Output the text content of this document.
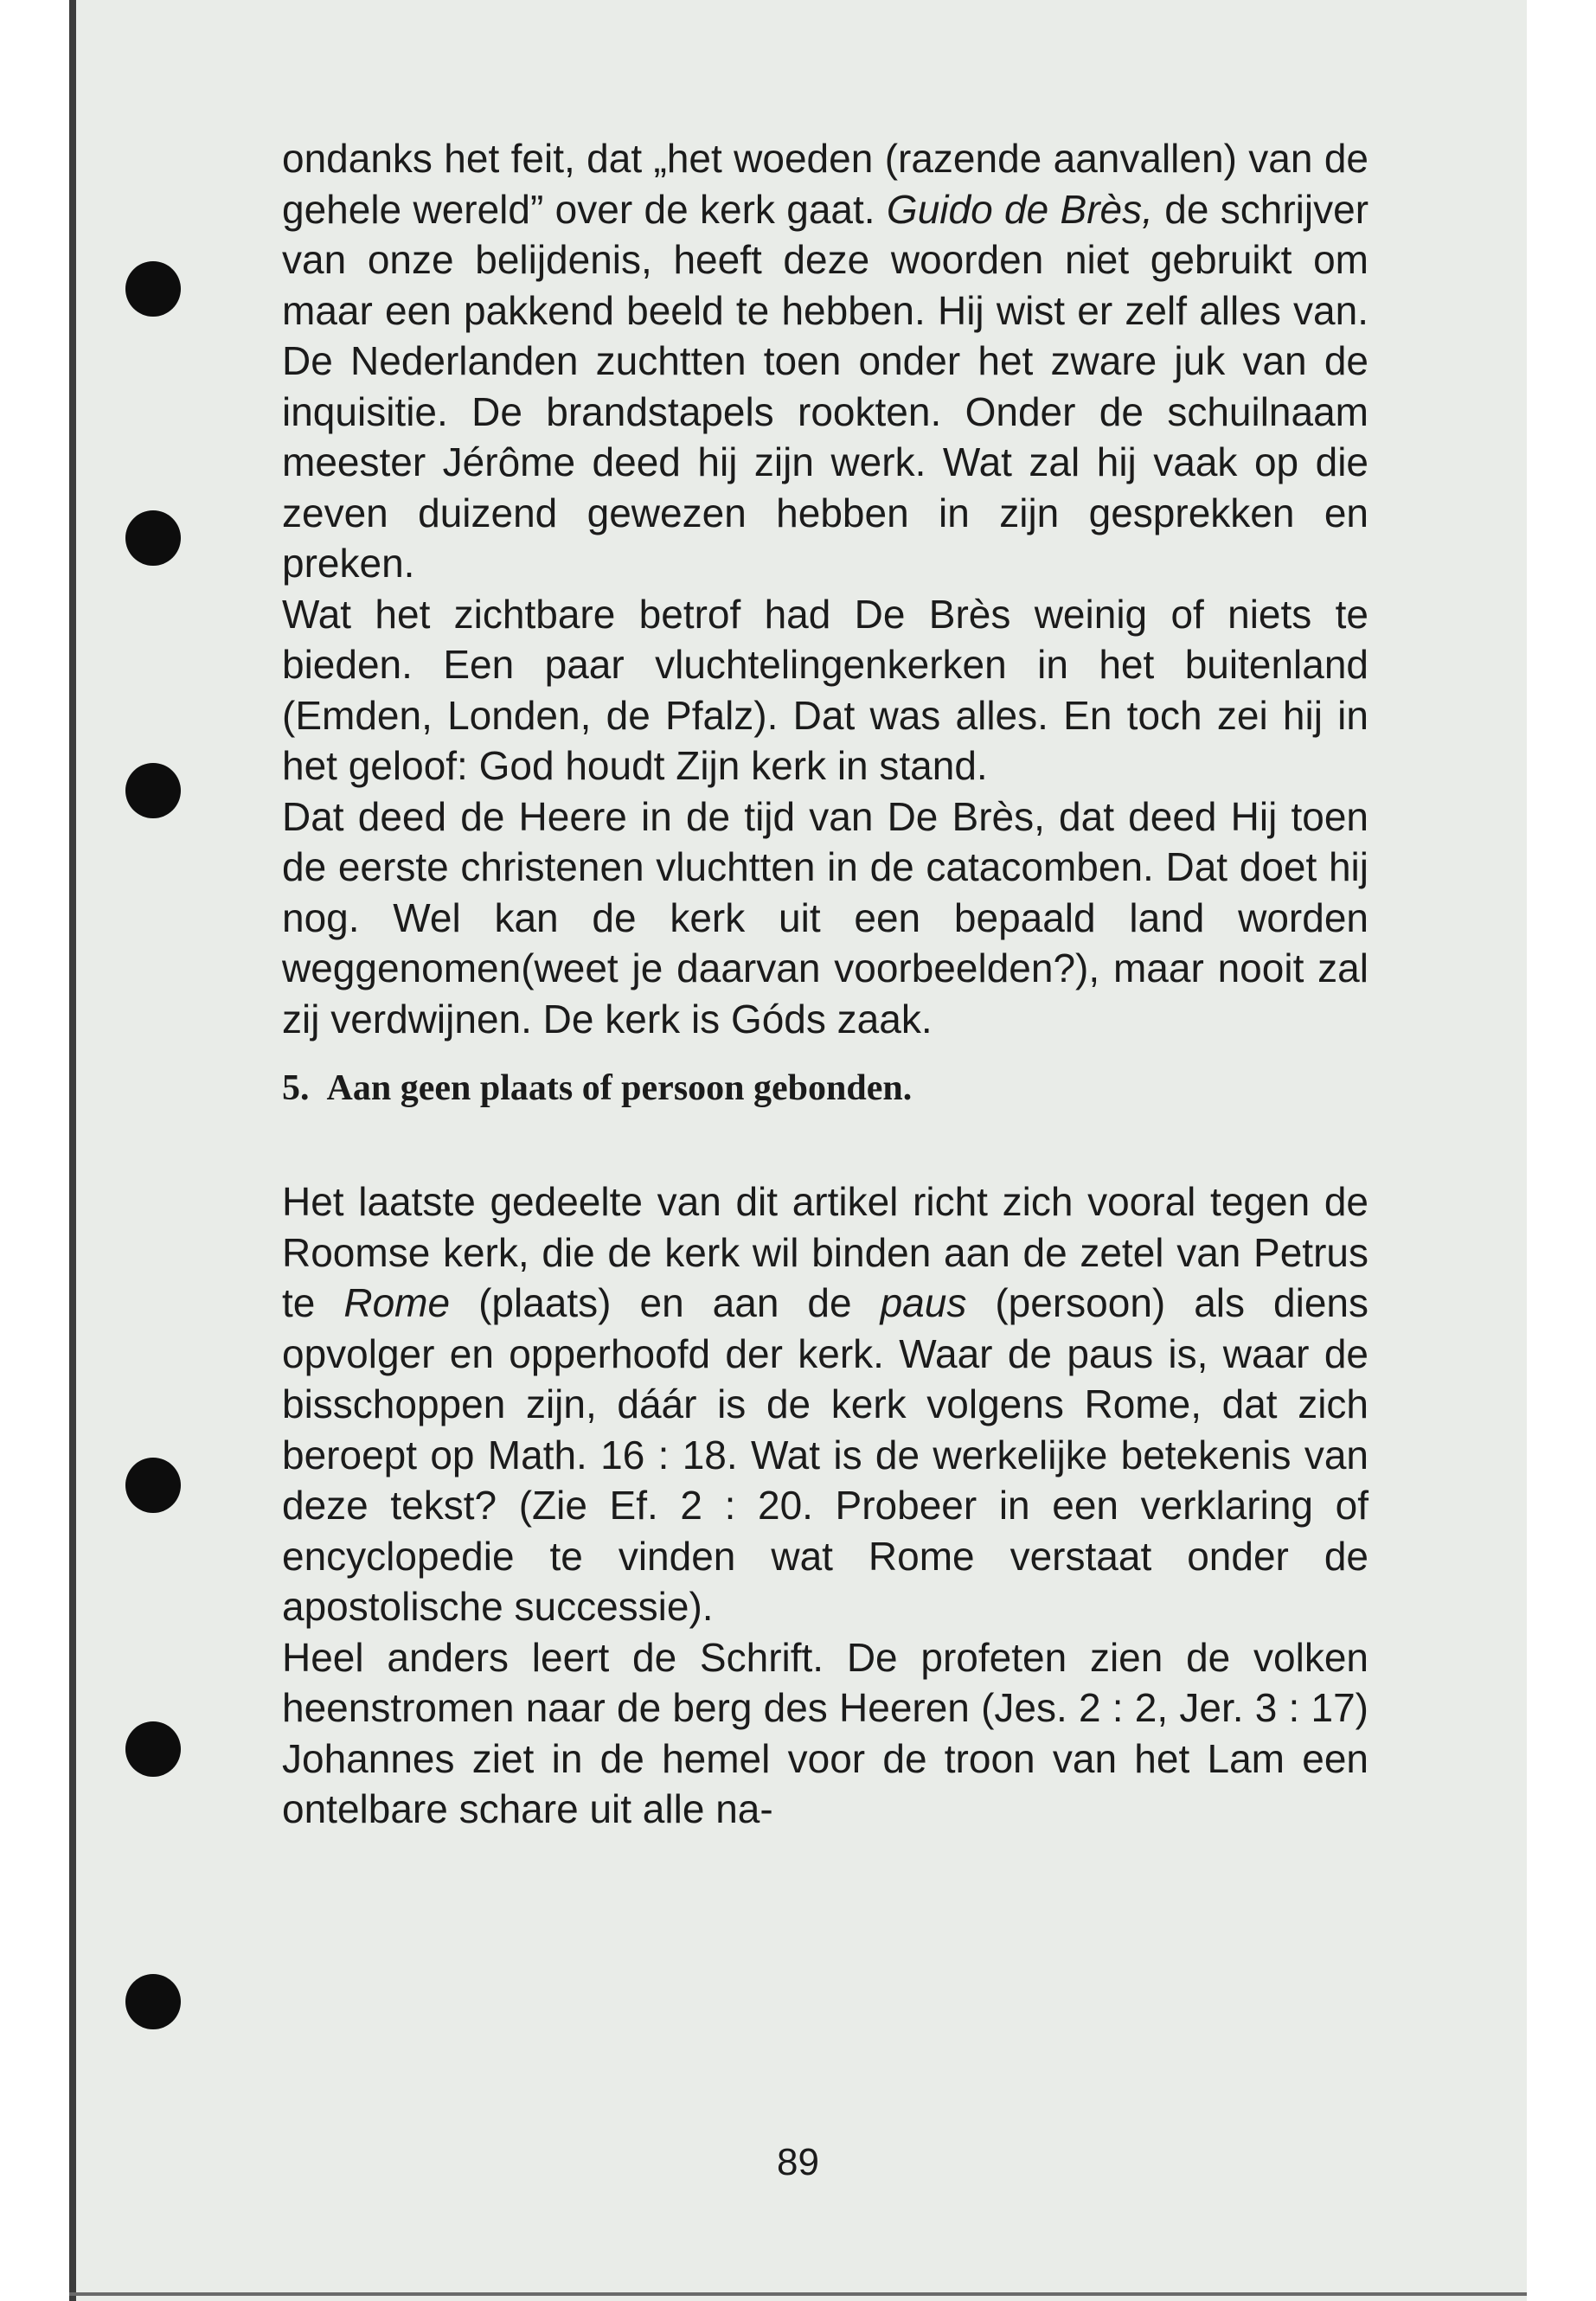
ondanks het feit, dat „het woeden (razende aanvallen) van de gehele wereld” over de kerk gaat. Guido de Brès, de schrijver van onze belijdenis, heeft deze woorden niet gebruikt om maar een pakkend beeld te hebben. Hij wist er zelf alles van. De Nederlanden zuchtten toen onder het zware juk van de inquisitie. De brandstapels rookten. Onder de schuilnaam meester Jérôme deed hij zijn werk. Wat zal hij vaak op die zeven duizend gewezen hebben in zijn gesprekken en preken.

Wat het zichtbare betrof had De Brès weinig of niets te bieden. Een paar vluchtelingenkerken in het buitenland (Emden, Londen, de Pfalz). Dat was alles. En toch zei hij in het geloof: God houdt Zijn kerk in stand.

Dat deed de Heere in de tijd van De Brès, dat deed Hij toen de eerste christenen vluchtten in de catacomben. Dat doet hij nog. Wel kan de kerk uit een bepaald land worden weggenomen(weet je daarvan voorbeelden?), maar nooit zal zij verdwijnen. De kerk is Góds zaak.

5. Aan geen plaats of persoon gebonden.

Het laatste gedeelte van dit artikel richt zich vooral tegen de Roomse kerk, die de kerk wil binden aan de zetel van Petrus te Rome (plaats) en aan de paus (persoon) als diens opvolger en opperhoofd der kerk. Waar de paus is, waar de bisschoppen zijn, dáár is de kerk volgens Rome, dat zich beroept op Math. 16 : 18. Wat is de werkelijke betekenis van deze tekst? (Zie Ef. 2 : 20. Probeer in een verklaring of encyclopedie te vinden wat Rome verstaat onder de apostolische successie).

Heel anders leert de Schrift. De profeten zien de volken heenstromen naar de berg des Heeren (Jes. 2 : 2, Jer. 3 : 17) Johannes ziet in de hemel voor de troon van het Lam een ontelbare schare uit alle na-

89
